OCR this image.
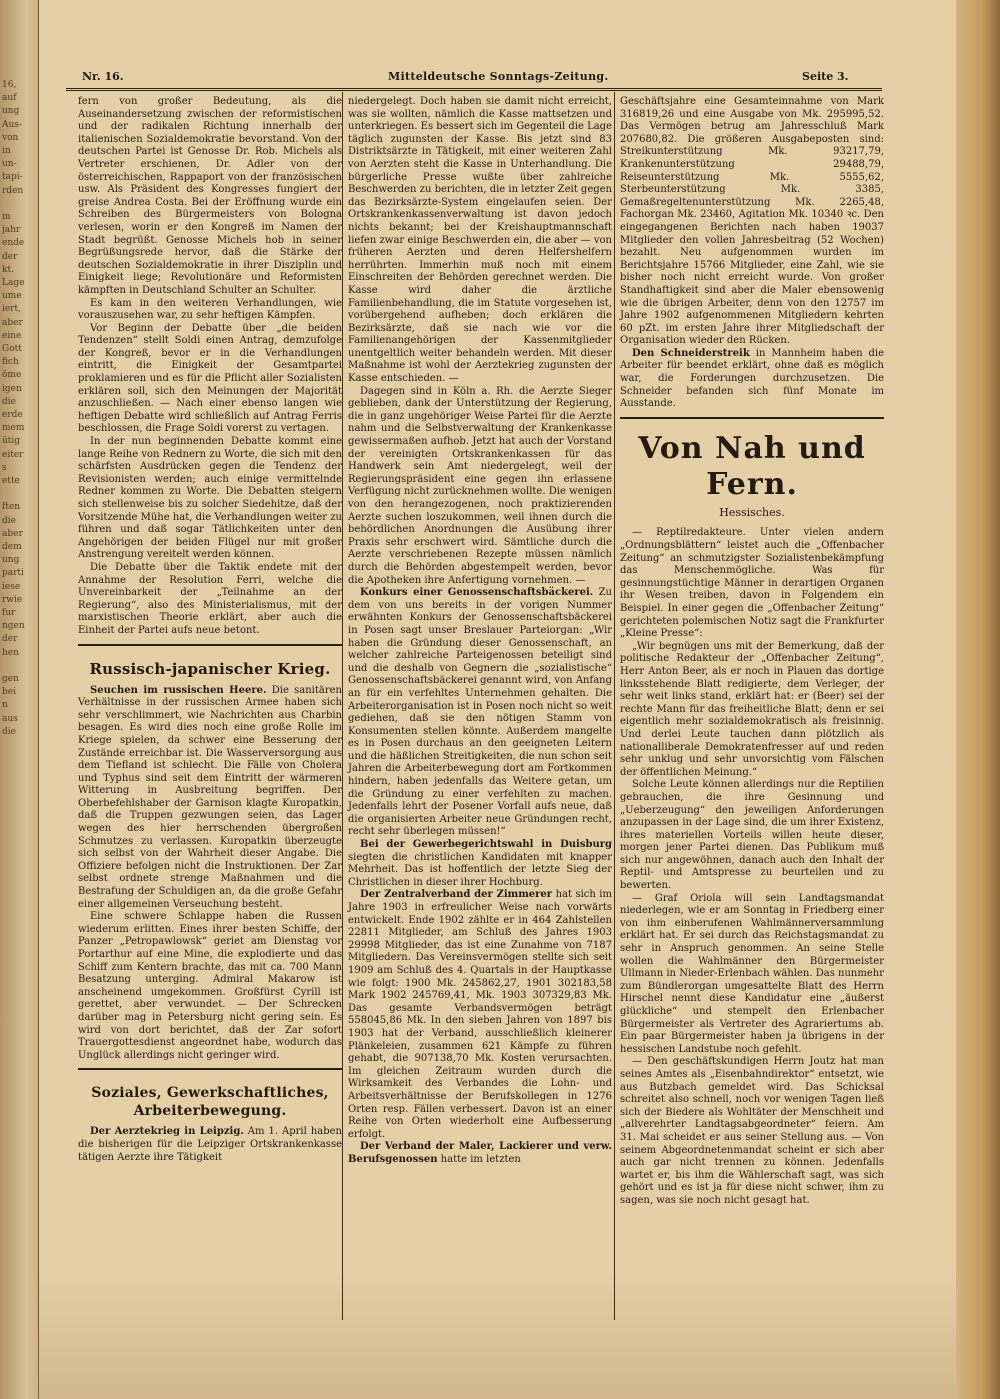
Nr. 16.	Mitteldeutsche Sonntags-Zeitung.	Seite 3.

fern von großer Bedeutung, als die Auseinandersetzung zwischen der reformistischen und der radikalen Richtung innerhalb der italienischen Sozialdemokratie bevorstand. Von der deutschen Partei ist Genosse Dr. Rob. Michels als Vertreter erschienen, Dr. Adler von der österreichischen, Rappaport von der französischen usw. Als Präsident des Kongresses fungiert der greise Andrea Costa. Bei der Eröffnung wurde ein Schreiben des Bürgermeisters von Bologna verlesen, worin er den Kongreß im Namen der Stadt begrüßt. Genosse Michels hob in seiner Begrüßungsrede hervor, daß die Stärke der deutschen Sozialdemokratie in ihrer Disziplin und Einigkeit liege; Revolutionäre und Reformisten kämpften in Deutschland Schulter an Schulter.

Es kam in den weiteren Verhandlungen, wie vorauszusehen war, zu sehr heftigen Kämpfen.

Vor Beginn der Debatte über „die beiden Tendenzen“ stellt Soldi einen Antrag, demzufolge der Kongreß, bevor er in die Verhandlungen eintritt, die Einigkeit der Gesamtpartei proklamieren und es für die Pflicht aller Sozialisten erklären soll, sich den Meinungen der Majorität anzuschließen. — Nach einer ebenso langen wie heftigen Debatte wird schließlich auf Antrag Ferris beschlossen, die Frage Soldi vorerst zu vertagen.

In der nun beginnenden Debatte kommt eine lange Reihe von Rednern zu Worte, die sich mit den schärfsten Ausdrücken gegen die Tendenz der Revisionisten werden; auch einige vermittelnde Redner kommen zu Worte. Die Debatten steigern sich stellenweise bis zu solcher Siedehitze, daß der Vorsitzende Mühe hat, die Verhandlungen weiter zu führen und daß sogar Tätlichkeiten unter den Angehörigen der beiden Flügel nur mit großer Anstrengung vereitelt werden können.

Die Debatte über die Taktik endete mit der Annahme der Resolution Ferri, welche die Unvereinbarkeit der „Teilnahme an der Regierung“, also des Ministerialismus, mit der marxistischen Theorie erklärt, aber auch die Einheit der Partei aufs neue betont.

Russisch-japanischer Krieg.

Seuchen im russischen Heere. Die sanitären Verhältnisse in der russischen Armee haben sich sehr verschlimmert, wie Nachrichten aus Charbin besagen. Es wird dies noch eine große Rolle im Kriege spielen, da schwer eine Besserung der Zustände erreichbar ist. Die Wasserversorgung aus dem Tiefland ist schlecht. Die Fälle von Cholera und Typhus sind seit dem Eintritt der wärmeren Witterung in Ausbreitung begriffen. Der Oberbefehlshaber der Garnison klagte Kuropatkin, daß die Truppen gezwungen seien, das Lager wegen des hier herrschenden übergroßen Schmutzes zu verlassen. Kuropatkin überzeugte sich selbst von der Wahrheit dieser Angabe. Die Offiziere befolgen nicht die Instruktionen. Der Zar selbst ordnete strenge Maßnahmen und die Bestrafung der Schuldigen an, da die große Gefahr einer allgemeinen Verseuchung besteht.

Eine schwere Schlappe haben die Russen wiederum erlitten. Eines ihrer besten Schiffe, der Panzer „Petropawlowsk“ geriet am Dienstag vor Portarthur auf eine Mine, die explodierte und das Schiff zum Kentern brachte, das mit ca. 700 Mann Besatzung unterging. Admiral Makarow ist anscheinend umgekommen. Großfürst Cyrill ist gerettet, aber verwundet. — Der Schrecken darüber mag in Petersburg nicht gering sein. Es wird von dort berichtet, daß der Zar sofort Trauergottesdienst angeordnet habe, wodurch das Unglück allerdings nicht geringer wird.

Soziales, Gewerkschaftliches, Arbeiterbewegung.

Der Aerztekrieg in Leipzig. Am 1. April haben die bisherigen für die Leipziger Ortskrankenkasse tätigen Aerzte ihre Tätigkeit

niedergelegt. Doch haben sie damit nicht erreicht, was sie wollten, nämlich die Kasse mattsetzen und unterkriegen. Es bessert sich im Gegenteil die Lage täglich zugunsten der Kasse. Bis jetzt sind 83 Distriktsärzte in Tätigkeit, mit einer weiteren Zahl von Aerzten steht die Kasse in Unterhandlung. Die bürgerliche Presse wußte über zahlreiche Beschwerden zu berichten, die in letzter Zeit gegen das Bezirksärzte-System eingelaufen seien. Der Ortskrankenkassenverwaltung ist davon jedoch nichts bekannt; bei der Kreishauptmannschaft liefen zwar einige Beschwerden ein, die aber — von früheren Aerzten und deren Helfershelfern herrührten. Immerhin muß noch mit einem Einschreiten der Behörden gerechnet werden. Die Kasse wird daher die ärztliche Familienbehandlung, die im Statute vorgesehen ist, vorübergehend aufheben; doch erklären die Bezirksärzte, daß sie nach wie vor die Familienangehörigen der Kassenmitglieder unentgeltlich weiter behandeln werden. Mit dieser Maßnahme ist wohl der Aerztekrieg zugunsten der Kasse entschieden. —

Dagegen sind in Köln a. Rh. die Aerzte Sieger geblieben, dank der Unterstützung der Regierung, die in ganz ungehöriger Weise Partei für die Aerzte nahm und die Selbstverwaltung der Krankenkasse gewissermaßen aufhob. Jetzt hat auch der Vorstand der vereinigten Ortskrankenkassen für das Handwerk sein Amt niedergelegt, weil der Regierungspräsident eine gegen ihn erlassene Verfügung nicht zurücknehmen wollte. Die wenigen von den herangezogenen, noch praktizierenden Aerzte suchen loszukommen, weil ihnen durch die behördlichen Anordnungen die Ausübung ihrer Praxis sehr erschwert wird. Sämtliche durch die Aerzte verschriebenen Rezepte müssen nämlich durch die Behörden abgestempelt werden, bevor die Apotheken ihre Anfertigung vornehmen. —

Konkurs einer Genossenschaftsbäckerei. Zu dem von uns bereits in der vorigen Nummer erwähnten Konkurs der Genossenschaftsbäckerei in Posen sagt unser Breslauer Parteiorgan: „Wir haben die Gründung dieser Genossenschaft, an welcher zahlreiche Parteigenossen beteiligt sind und die deshalb von Gegnern die „sozialistische“ Genossenschaftsbäckerei genannt wird, von Anfang an für ein verfehltes Unternehmen gehalten. Die Arbeiterorganisation ist in Posen noch nicht so weit gediehen, daß sie den nötigen Stamm von Konsumenten stellen könnte. Außerdem mangelte es in Posen durchaus an den geeigneten Leitern und die häßlichen Streitigkeiten, die nun schon seit Jahren die Arbeiterbewegung dort am Fortkommen hindern, haben jedenfalls das Weitere getan, um die Gründung zu einer verfehlten zu machen. Jedenfalls lehrt der Posener Vorfall aufs neue, daß die organisierten Arbeiter neue Gründungen recht, recht sehr überlegen müssen!“

Bei der Gewerbegerichtswahl in Duisburg siegten die christlichen Kandidaten mit knapper Mehrheit. Das ist hoffentlich der letzte Sieg der Christlichen in dieser ihrer Hochburg.

Der Zentralverband der Zimmerer hat sich im Jahre 1903 in erfreulicher Weise nach vorwärts entwickelt. Ende 1902 zählte er in 464 Zahlstellen 22811 Mitglieder, am Schluß des Jahres 1903 29998 Mitglieder, das ist eine Zunahme von 7187 Mitgliedern. Das Vereinsvermögen stellte sich seit 1909 am Schluß des 4. Quartals in der Hauptkasse wie folgt: 1900 Mk. 245862,27, 1901 302183,58 Mark 1902 245769,41, Mk. 1903 307329,83 Mk. Das gesamte Verbandsvermögen beträgt 558045,86 Mk. In den sieben Jahren von 1897 bis 1903 hat der Verband, ausschließlich kleinerer Plänkeleien, zusammen 621 Kämpfe zu führen gehabt, die 907138,70 Mk. Kosten verursachten. Im gleichen Zeitraum wurden durch die Wirksamkeit des Verbandes die Lohn- und Arbeitsverhältnisse der Berufskollegen in 1276 Orten resp. Fällen verbessert. Davon ist an einer Reihe von Orten wiederholt eine Aufbesserung erfolgt.

Der Verband der Maler, Lackierer und verw. Berufsgenossen hatte im letzten

Geschäftsjahre eine Gesamteinnahme von Mark 316819,26 und eine Ausgabe von Mk. 295995,52. Das Vermögen betrug am Jahresschluß Mark 207680,82. Die größeren Ausgabeposten sind: Streikunterstützung Mk. 93217,79, Krankenunterstützung 29488,79, Reiseunterstützung Mk. 5555,62, Sterbeunterstützung Mk. 3385, Gemaßregeltenunterstützung Mk. 2265,48, Fachorgan Mk. 23460, Agitation Mk. 10340 ꝛc. Den eingegangenen Berichten nach haben 19037 Mitglieder den vollen Jahresbeitrag (52 Wochen) bezahlt. Neu aufgenommen wurden im Berichtsjahre 15766 Mitglieder, eine Zahl, wie sie bisher noch nicht erreicht wurde. Von großer Standhaftigkeit sind aber die Maler ebensowenig wie die übrigen Arbeiter, denn von den 12757 im Jahre 1902 aufgenommenen Mitgliedern kehrten 60 pZt. im ersten Jahre ihrer Mitgliedschaft der Organisation wieder den Rücken.

Den Schneiderstreik in Mannheim haben die Arbeiter für beendet erklärt, ohne daß es möglich war, die Forderungen durchzusetzen. Die Schneider befanden sich fünf Monate im Ausstande.

Von Nah und Fern.
Hessisches.

— Reptilredakteure. Unter vielen andern „Ordnungsblättern“ leistet auch die „Offenbacher Zeitung“ an schmutzigster Sozialistenbekämpfung das Menschenmögliche. Was für gesinnungstüchtige Männer in derartigen Organen ihr Wesen treiben, davon in Folgendem ein Beispiel. In einer gegen die „Offenbacher Zeitung“ gerichteten polemischen Notiz sagt die Frankfurter „Kleine Presse“:

„Wir begnügen uns mit der Bemerkung, daß der politische Redakteur der „Offenbacher Zeitung“, Herr Anton Beer, als er noch in Plauen das dortige linksstehende Blatt redigierte, dem Verleger, der sehr weit links stand, erklärt hat: er (Beer) sei der rechte Mann für das freiheitliche Blatt; denn er sei eigentlich mehr sozialdemokratisch als freisinnig. Und derlei Leute tauchen dann plötzlich als nationalliberale Demokratenfresser auf und reden sehr unklug und sehr unvorsichtig vom Fälschen der öffentlichen Meinung.“

Solche Leute können allerdings nur die Reptilien gebrauchen, die ihre Gesinnung und „Ueberzeugung“ den jeweiligen Anforderungen anzupassen in der Lage sind, die um ihrer Existenz, ihres materiellen Vorteils willen heute dieser, morgen jener Partei dienen. Das Publikum muß sich nur angewöhnen, danach auch den Inhalt der Reptil- und Amtspresse zu beurteilen und zu bewerten.

— Graf Oriola will sein Landtagsmandat niederlegen, wie er am Sonntag in Friedberg einer von ihm einberufenen Wahlmännerversammlung erklärt hat. Er sei durch das Reichstagsmandat zu sehr in Anspruch genommen. An seine Stelle wollen die Wahlmänner den Bürgermeister Ullmann in Nieder-Erlenbach wählen. Das nunmehr zum Bündlerorgan umgesattelte Blatt des Herrn Hirschel nennt diese Kandidatur eine „äußerst glückliche“ und stempelt den Erlenbacher Bürgermeister als Vertreter des Agrariertums ab. Ein paar Bürgermeister haben ja übrigens in der hessischen Landstube noch gefehlt.

— Den geschäftskundigen Herrn Joutz hat man seines Amtes als „Eisenbahndirektor“ entsetzt, wie aus Butzbach gemeldet wird. Das Schicksal schreitet also schnell, noch vor wenigen Tagen ließ sich der Biedere als Wohltäter der Menschheit und „allverehrter Landtagsabgeordneter“ feiern. Am 31. Mai scheidet er aus seiner Stellung aus. — Von seinem Abgeordnetenmandat scheint er sich aber auch gar nicht trennen zu können. Jedenfalls wartet er, bis ihm die Wählerschaft sagt, was sich gehört und es ist ja für diese nicht schwer, ihm zu sagen, was sie noch nicht gesagt hat.

16,
auf
ung
Aus-
von
in
un-
tapi-
rden
m
jahr
ende
der
kt.
Lage
ume
iert,
aber
eine
Gott
fich
öme
igen
die
erde
mem
ütig
eiter
s
ette
ften
die
aber
dem
ung
parti
iese
rwie
fur
ngen
der
hen
gen
bei
n
aus
die
